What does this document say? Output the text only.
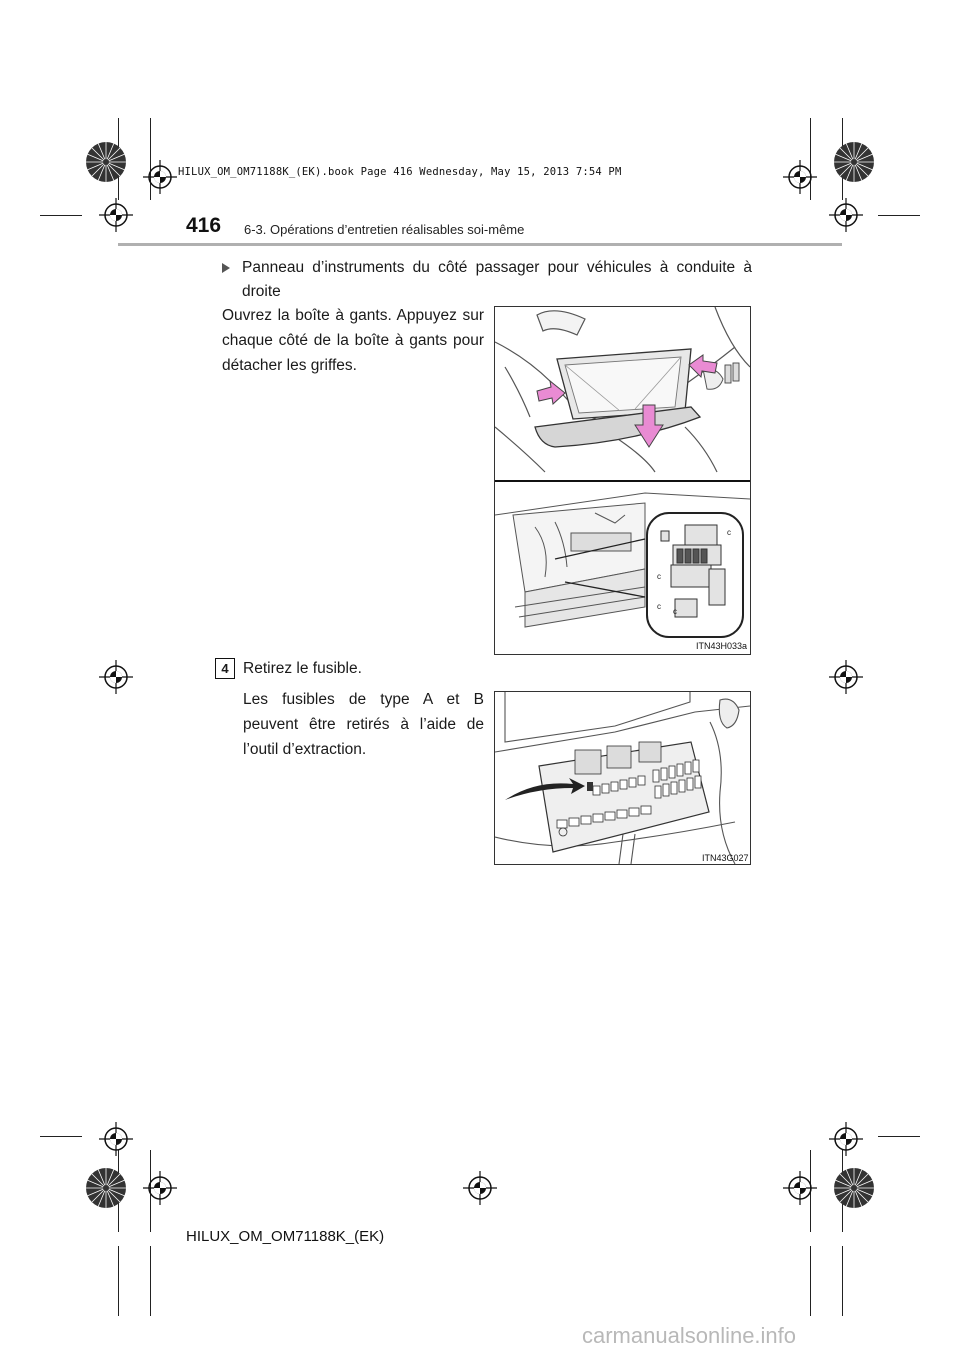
HILUX_OM_OM71188K_(EK).book Page 416 Wednesday, May 15, 2013 7:54 PM
416 6-3. Opérations d’entretien réalisables soi-même
Panneau d’instruments du côté passager pour véhicules à conduite à droite
Ouvrez la boîte à gants. Appuyez sur chaque côté de la boîte à gants pour détacher les griffes.
c
c
c
c
ITN43H033a
4 Retirez le fusible.
Les fusibles de type A et B peuvent être retirés à l’aide de l’outil d’extraction.
ITN43G027
HILUX_OM_OM71188K_(EK)
carmanualsonline.info
